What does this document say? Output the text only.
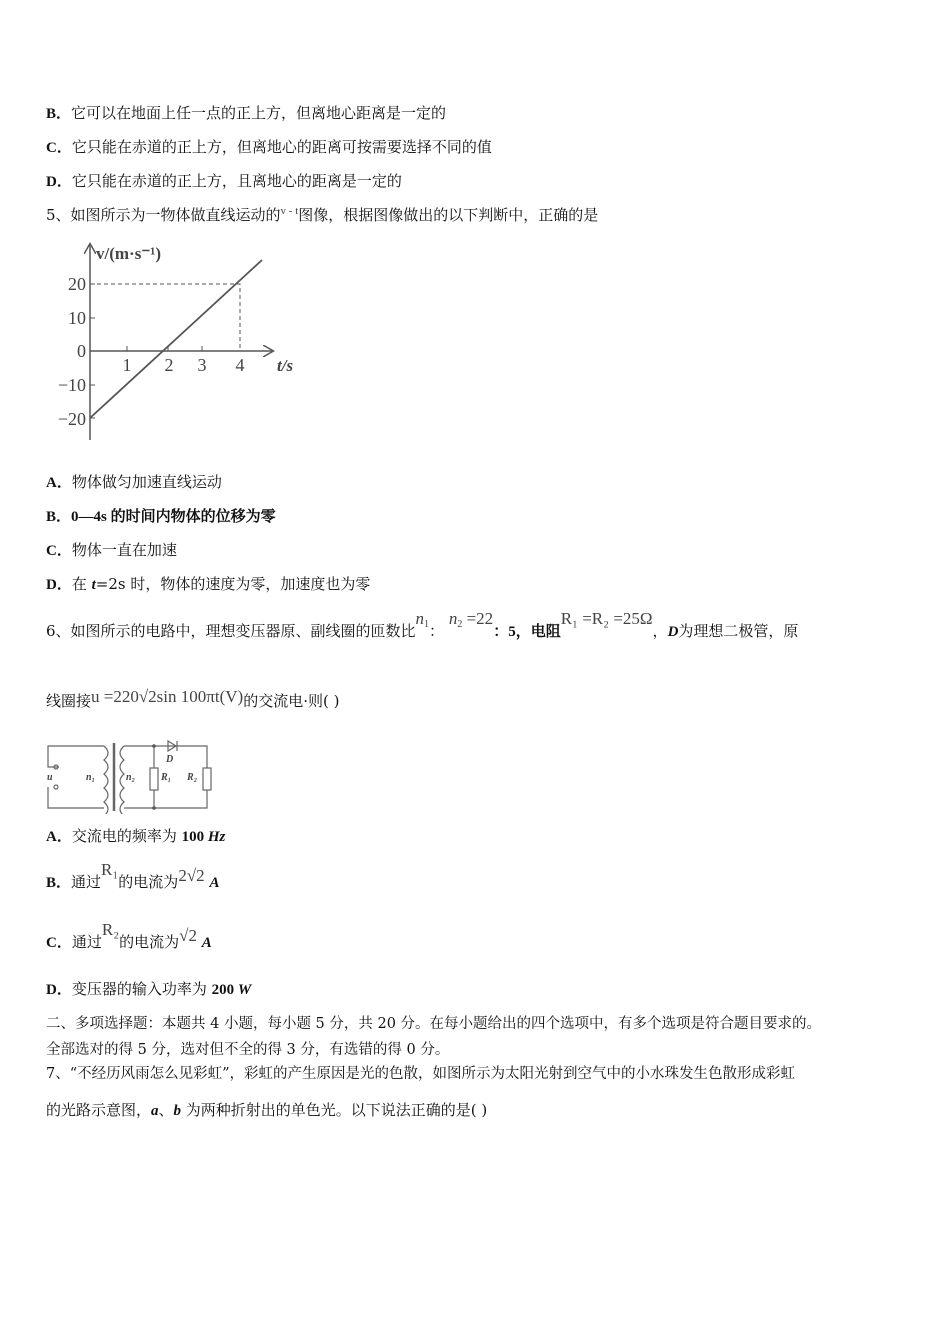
B．它可以在地面上任一点的正上方，但离地心距离是一定的
C．它只能在赤道的正上方，但离地心的距离可按需要选择不同的值
D．它只能在赤道的正上方，且离地心的距离是一定的
5、如图所示为一物体做直线运动的$^{v - t}$图像，根据图像做出的以下判断中，正确的是
v/(m·s⁻¹)
t/s
20
10
0
−10
−20
1 2 3 4
A．物体做匀加速直线运动
B．0—4s 的时间内物体的位移为零
C．物体一直在加速
D．在 t=2s 时，物体的速度为零，加速度也为零
6、如图所示的电路中，理想变压器原、副线圈的匝数比$n_1$： $n_2 =22$：5，电阻R₁ =R₂ =25Ω，D为理想二极管，原
线圈接u =220√2sin 100πt(V)的交流电·则( )
u	n₁	n₂
D
R₁ R₂
A．交流电的频率为 100 Hz
B．通过R₁的电流为2√2 A
C．通过R₂的电流为√2 A
D．变压器的输入功率为 200 W
二、多项选择题：本题共 4 小题，每小题 5 分，共 20 分。在每小题给出的四个选项中，有多个选项是符合题目要求的。
全部选对的得 5 分，选对但不全的得 3 分，有选错的得 0 分。
7、“不经历风雨怎么见彩虹”，彩虹的产生原因是光的色散，如图所示为太阳光射到空气中的小水珠发生色散形成彩虹
的光路示意图，a、b 为两种折射出的单色光。以下说法正确的是( )
